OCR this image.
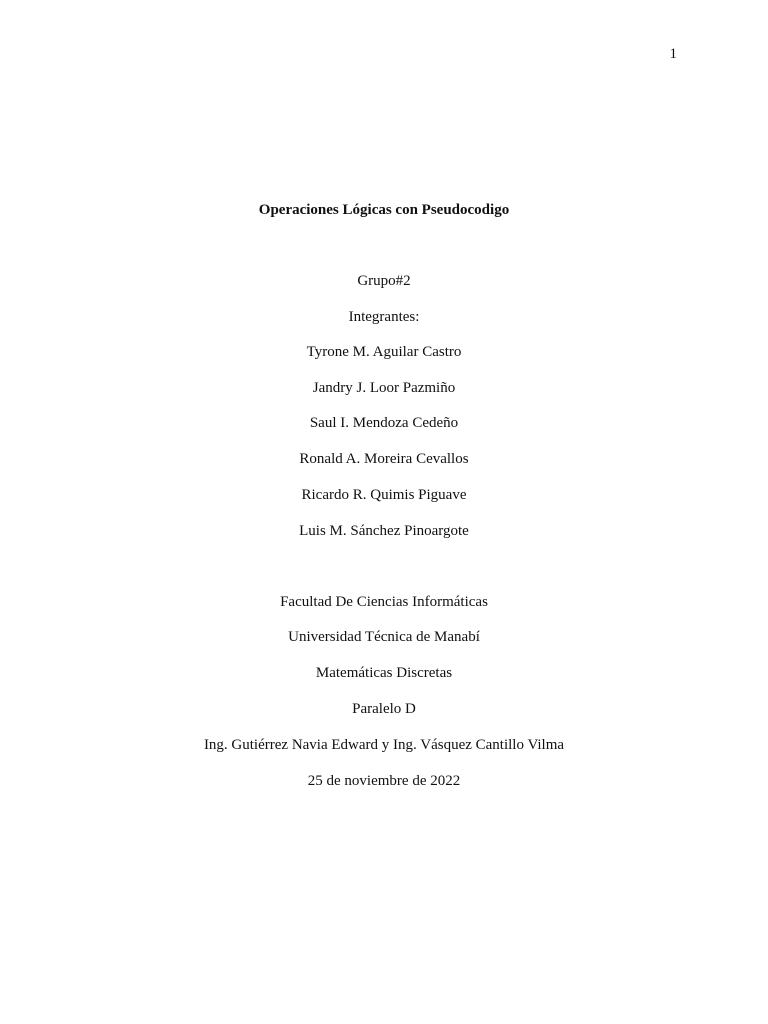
1
Operaciones Lógicas con Pseudocodigo
Grupo#2
Integrantes:
Tyrone M. Aguilar Castro
Jandry J. Loor Pazmiño
Saul I. Mendoza Cedeño
Ronald A. Moreira Cevallos
Ricardo R. Quimis Piguave
Luis M. Sánchez Pinoargote
Facultad De Ciencias Informáticas
Universidad Técnica de Manabí
Matemáticas Discretas
Paralelo D
Ing. Gutiérrez Navia Edward y Ing. Vásquez Cantillo Vilma
25 de noviembre de 2022
